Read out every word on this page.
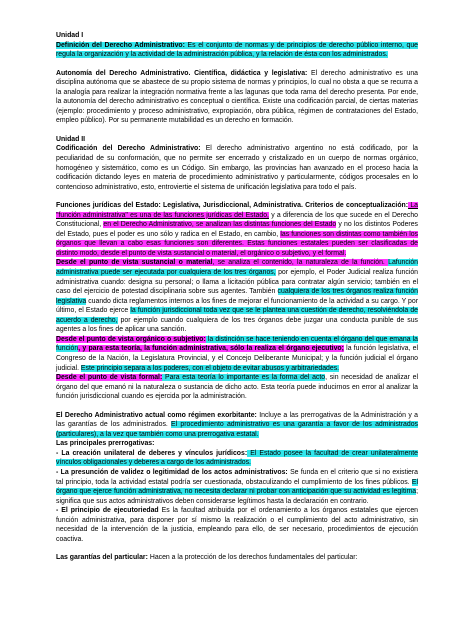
Unidad I

Definición del Derecho Administrativo: Es el conjunto de normas y de principios de derecho público interno, que regula la organización y la actividad de la administración pública, y la relación de ésta con los administrados.

Autonomía del Derecho Administrativo. Científica, didáctica y legislativa: El derecho administrativo es una disciplina autónoma que se abastece de su propio sistema de normas y principios, lo cual no obsta a que se recurra a la analogía para realizar la integración normativa frente a las lagunas que toda rama del derecho presenta. Por ende, la autonomía del derecho administrativo es conceptual o científica. Existe una codificación parcial, de ciertas materias (ejemplo: procedimiento y proceso administrativo, expropiación, obra pública, régimen de contrataciones del Estado, empleo público). Por su permanente mutabilidad es un derecho en formación.

Unidad II

Codificación del Derecho Administrativo: El derecho administrativo argentino no está codificado, por la peculiaridad de su conformación, que no permite ser encerrado y cristalizado en un cuerpo de normas orgánico, homogéneo y sistemático, como es un Código. Sin embargo, las provincias han avanzado en el proceso hacia la codificación dictando leyes en materia de procedimiento administrativo y particularmente, códigos procesales en lo contencioso administrativo, esto, entroviertie el sistema de unificación legislativa para todo el país.

Funciones jurídicas del Estado: Legislativa, Jurisdiccional, Administrativa. Criterios de conceptualización: La "función administrativa" es una de las funciones jurídicas del Estado, y a diferencia de los que sucede en el Derecho Constitucional, en el Derecho Administrativo, se analizan las distintas funciones del Estado y no los distintos Poderes del Estado, pues el poder es uno sólo y radica en el Estado, en cambio, las funciones son distintas como también los órganos que llevan a cabo esas funciones son diferentes. Estas funciones estatales pueden ser clasificadas de distinto modo, desde el punto de vista sustancial o material, el orgánico o subjetivo, y el formal.

Desde el punto de vista sustancial o material, se analiza el contenido, la naturaleza de la función. Lafunción administrativa puede ser ejecutada por cualquiera de los tres órganos, por ejemplo, el Poder Judicial realiza función administrativa cuando: designa su personal; o llama a licitación pública para contratar algún servicio; también en el caso del ejercicio de potestad disciplinaria sobre sus agentes. También cualquiera de los tres órganos realiza función legislativa cuando dicta reglamentos internos a los fines de mejorar el funcionamiento de la actividad a su cargo. Y por último, el Estado ejerce la función jurisdiccional toda vez que se le plantea una cuestión de derecho, resolviéndola de acuerdo a derecho, por ejemplo cuando cualquiera de los tres órganos debe juzgar una conducta punible de sus agentes a los fines de aplicar una sanción.

Desde el punto de vista orgánico o subjetivo: la distinción se hace teniendo en cuenta el órgano del que emana la función, y para esta teoría, la función administrativa, sólo la realiza el órgano ejecutivo; la función legislativa, el Congreso de la Nación, la Legislatura Provincial, y el Concejo Deliberante Municipal; y la función judicial el órgano judicial. Este principio separa a los poderes, con el objeto de evitar abusos y arbitrariedades.

Desde el punto de vista formal: Para esta teoría lo importante es la forma del acto, sin necesidad de analizar el órgano del que emanó ni la naturaleza o sustancia de dicho acto. Esta teoría puede inducirnos en error al analizar la función jurisdiccional cuando es ejercida por la administración.

El Derecho Administrativo actual como régimen exorbitante: Incluye a las prerrogativas de la Administración y a las garantías de los administrados. El procedimiento administrativo es una garantía a favor de los administrados (particulares), a la vez que también como una prerrogativa estatal.

Las principales prerrogativas:

- La creación unilateral de deberes y vínculos jurídicos: El Estado posee la facultad de crear unilateralmente vínculos obligacionales y deberes a cargo de los administrados.

- La presunción de validez o legitimidad de los actos administrativos: Se funda en el criterio que si no existiera tal principio, toda la actividad estatal podría ser cuestionada, obstaculizando el cumplimiento de los fines públicos. El órgano que ejerce función administrativa, no necesita declarar ni probar con anticipación que su actividad es legítima; significa que sus actos administrativos deben considerarse legítimos hasta la declaración en contrario.

- El principio de ejecutoriedad Es la facultad atribuida por el ordenamiento a los órganos estatales que ejercen función administrativa, para disponer por sí mismo la realización o el cumplimiento del acto administrativo, sin necesidad de la intervención de la justicia, empleando para ello, de ser necesario, procedimientos de ejecución coactiva.

Las garantías del particular: Hacen a la protección de los derechos fundamentales del particular:
